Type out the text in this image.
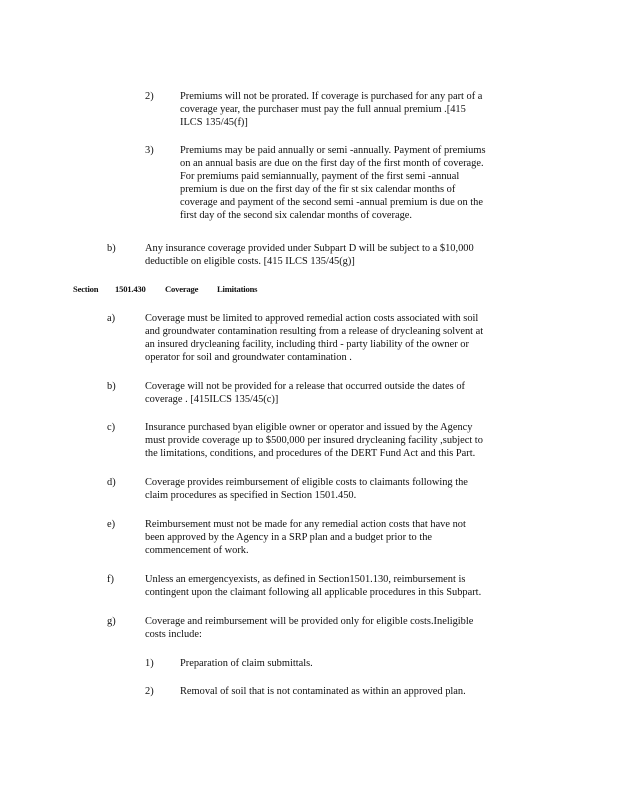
2)	Premiums will not be prorated. If coverage is purchased for any part of a
coverage year, the purchaser must pay the full annual premium .[415
ILCS 135/45(f)]
3)	Premiums may be paid annually or semi -annually. Payment of premiums
on an annual basis are due on the first day of the first month of coverage.
For premiums paid semiannually, payment of the first semi -annual
premium is due on the first day of the fir st six calendar months of
coverage and payment of the second semi -annual premium is due on the
first day of the second six calendar months of coverage.
b)	Any insurance coverage provided under Subpart D will be subject to a $10,000
deductible on eligible costs. [415 ILCS 135/45(g)]
Section 1501.430 Coverage Limitations
a)	Coverage must be limited to approved remedial action costs associated with soil
and groundwater contamination resulting from a release of drycleaning solvent at
an insured drycleaning facility, including third - party liability of the owner or
operator for soil and groundwater contamination .
b)	Coverage will not be provided for a release that occurred outside the dates of
coverage . [415ILCS 135/45(c)]
c)	Insurance purchased byan eligible owner or operator and issued by the Agency
must provide coverage up to $500,000 per insured drycleaning facility ,subject to
the limitations, conditions, and procedures of the DERT Fund Act and this Part.
d)	Coverage provides reimbursement of eligible costs to claimants following the
claim procedures as specified in Section 1501.450.
e)	Reimbursement must not be made for any remedial action costs that have not
been approved by the Agency in a SRP plan and a budget prior to the
commencement of work.
f)	Unless an emergencyexists, as defined in Section1501.130, reimbursement is
contingent upon the claimant following all applicable procedures in this Subpart.
g)	Coverage and reimbursement will be provided only for eligible costs.Ineligible
costs include:
1)	Preparation of claim submittals.
2)	Removal of soil that is not contaminated as within an approved plan.
